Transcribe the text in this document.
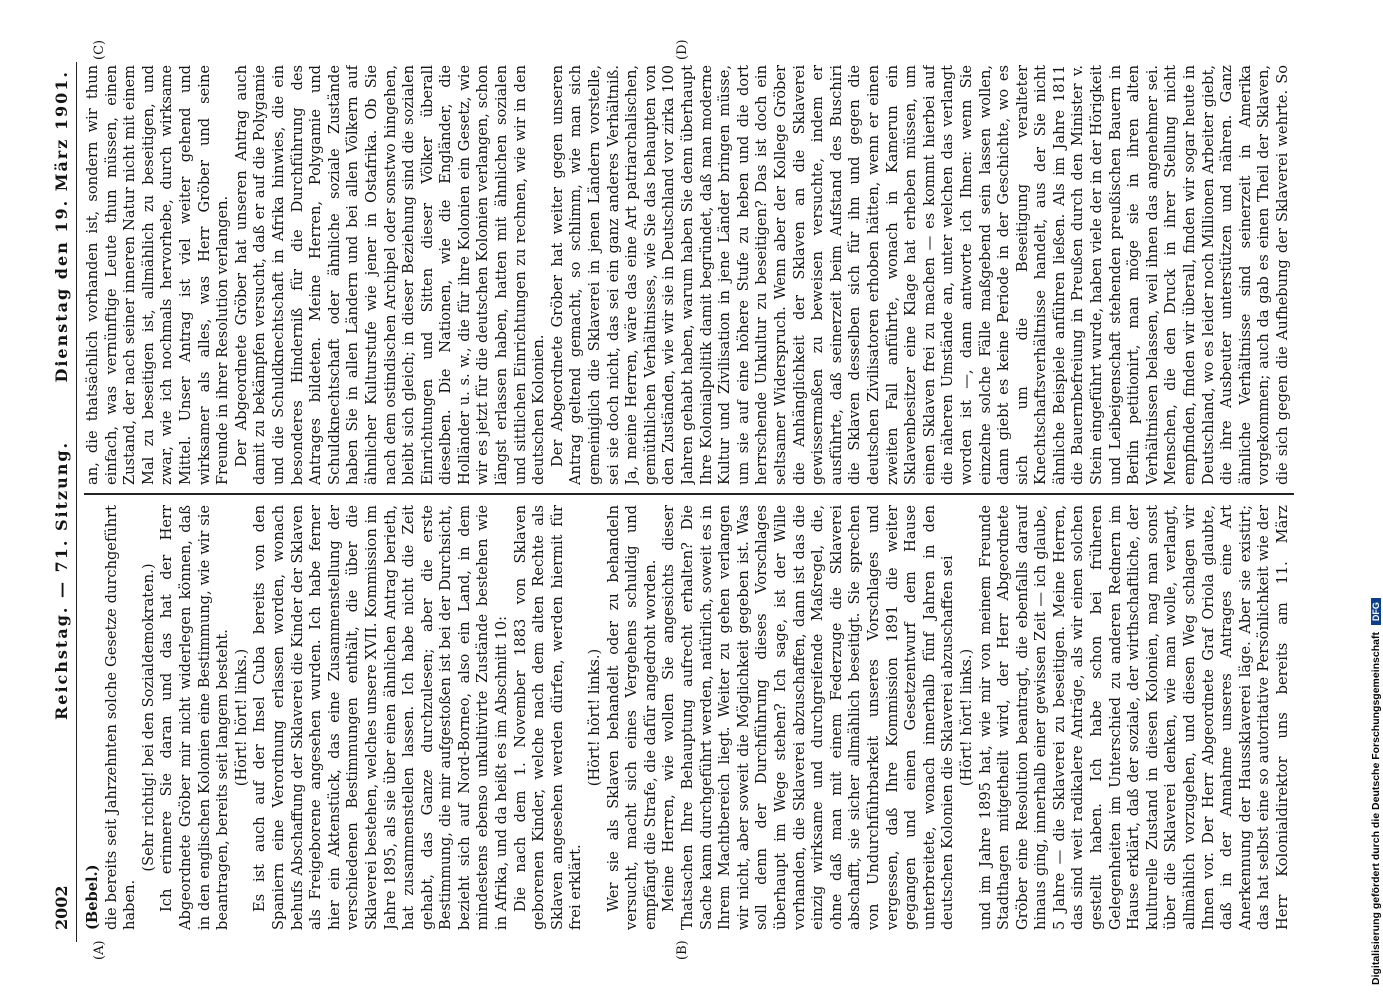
2002
Reichstag. — 71. Sitzung.
Dienstag den 19. März 1901.
(A)	(B)
(C)	(D)

(Bebel.) die bereits seit Jahrzehnten solche Gesetze durchgeführt haben.

(Sehr richtig! bei den Sozialdemokraten.) Ich erinnere Sie daran und das hat der Herr Abgeordnete Gröber mir nicht widerlegen können, daß in den englischen Kolonien eine Bestimmung, wie wir sie beantragen, bereits seit langem besteht. (Hört! hört! links.) Es ist auch auf der Insel Cuba bereits von den Spaniern eine Verordnung erlassen worden, wonach behufs Abschaffung der Sklaverei die Kinder der Sklaven als Freigeborene angesehen wurden. Ich habe ferner hier ein Aktenstück, das eine Zusammenstellung der verschiedenen Bestimmungen enthält, die über die Sklaverei bestehen, welches unsere XVII. Kommission im Jahre 1895, als sie über einen ähnlichen Antrag berieth, hat zusammenstellen lassen. Ich habe nicht die Zeit gehabt, das Ganze durchzulesen; aber die erste Bestimmung, die mir aufgestoßen ist bei der Durchsicht, bezieht sich auf Nord-Borneo, also ein Land, in dem mindestens ebenso unkultivirte Zustände bestehen wie in Afrika, und da heißt es im Abschnitt 10: Die nach dem 1. November 1883 von Sklaven geborenen Kinder, welche nach dem alten Rechte als Sklaven angesehen werden dürfen, werden hiermit für frei erklärt.

(Hört! hört! links.) Wer sie als Sklaven behandelt oder zu behandeln versucht, macht sich eines Vergehens schuldig und empfängt die Strafe, die dafür angedroht worden. Meine Herren, wie wollen Sie angesichts dieser Thatsachen Ihre Behauptung aufrecht erhalten? Die Sache kann durchgeführt werden, natürlich, soweit es in Ihrem Machtbereich liegt. Weiter zu gehen verlangen wir nicht, aber soweit die Möglichkeit gegeben ist. Was soll denn der Durchführung dieses Vorschlages überhaupt im Wege stehen? Ich sage, ist der Wille vorhanden, die Sklaverei abzuschaffen, dann ist das die einzig wirksame und durchgreifende Maßregel, die, ohne daß man mit einem Federzuge die Sklaverei abschafft, sie sicher allmählich beseitigt. Sie sprechen von Undurchführbarkeit unseres Vorschlages und vergessen, daß Ihre Kommission 1891 die weiter gegangen und einen Gesetzentwurf dem Hause unterbreitete, wonach innerhalb fünf Jahren in den deutschen Kolonien die Sklaverei abzuschaffen sei (Hört! hört! links.)

und im Jahre 1895 hat, wie mir von meinem Freunde Stadthagen mitgetheilt wird, der Herr Abgeordnete Gröber eine Resolution beantragt, die ebenfalls darauf hinaus ging, innerhalb einer gewissen Zeit — ich glaube, 5 Jahre — die Sklaverei zu beseitigen. Meine Herren, das sind weit radikalere Anträge, als wir einen solchen gestellt haben. Ich habe schon bei früheren Gelegenheiten im Unterschied zu anderen Rednern im Hause erklärt, daß der soziale, der wirthschaftliche, der kulturelle Zustand in diesen Kolonien, mag man sonst über die Sklaverei denken, wie man wolle, verlangt, allmählich vorzugehen, und diesen Weg schlagen wir Ihnen vor. Der Herr Abgeordnete Graf Oriola glaubte, daß in der Annahme unseres Antrages eine Art Anerkennung der Haussklaverei läge. Aber sie existirt; das hat selbst eine so autoritative Persönlichkeit wie der Herr Kolonialdirektor uns bereits am 11. März

an, die thatsächlich vorhanden ist, sondern wir thun einfach, was vernünftige Leute thun müssen, einen Zustand, der nach seiner inneren Natur nicht mit einem Mal zu beseitigen ist, allmählich zu beseitigen, und zwar, wie ich nochmals hervorhebe, durch wirksame Mittel. Unser Antrag ist viel weiter gehend und wirksamer als alles, was Herr Gröber und seine Freunde in ihrer Resolution verlangen. Der Abgeordnete Gröber hat unseren Antrag auch damit zu bekämpfen versucht, daß er auf die Polygamie und die Schuldknechtschaft in Afrika hinwies, die ein besonderes Hinderniß für die Durchführung des Antrages bildeten. Meine Herren, Polygamie und Schuldknechtschaft oder ähnliche soziale Zustände haben Sie in allen Ländern und bei allen Völkern auf ähnlicher Kulturstufe wie jener in Ostafrika. Ob Sie nach dem ostindischen Archipel oder sonstwo hingehen, bleibt sich gleich; in dieser Beziehung sind die sozialen Einrichtungen und Sitten dieser Völker überall dieselben. Die Nationen, wie die Engländer, die Holländer u. s. w., die für ihre Kolonien ein Gesetz, wie wir es jetzt für die deutschen Kolonien verlangen, schon längst erlassen haben, hatten mit ähnlichen sozialen und sittlichen Einrichtungen zu rechnen, wie wir in den deutschen Kolonien. Der Abgeordnete Gröber hat weiter gegen unseren Antrag geltend gemacht, so schlimm, wie man sich gemeiniglich die Sklaverei in jenen Ländern vorstelle, sei sie doch nicht, das sei ein ganz anderes Verhältniß. Ja, meine Herren, wäre das eine Art patriarchalischen, gemüthlichen Verhältnisses, wie Sie das behaupten von den Zuständen, wie wir sie in Deutschland vor zirka 100 Jahren gehabt haben, warum haben Sie denn überhaupt Ihre Kolonialpolitik damit begründet, daß man moderne Kultur und Zivilisation in jene Länder bringen müsse, um sie auf eine höhere Stufe zu heben und die dort herrschende Unkultur zu beseitigen? Das ist doch ein seltsamer Widerspruch. Wenn aber der Kollege Gröber die Anhänglichkeit der Sklaven an die Sklaverei gewissermaßen zu beweisen versuchte, indem er ausführte, daß seinerzeit beim Aufstand des Buschiri die Sklaven desselben sich für ihn und gegen die deutschen Zivilisatoren erhoben hätten, wenn er einen zweiten Fall anführte, wonach in Kamerun ein Sklavenbesitzer eine Klage hat erheben müssen, um einen Sklaven frei zu machen — es kommt hierbei auf die näheren Umstände an, unter welchen das verlangt worden ist —, dann antworte ich Ihnen: wenn Sie einzelne solche Fälle maßgebend sein lassen wollen, dann giebt es keine Periode in der Geschichte, wo es sich um die Beseitigung veralteter Knechtschaftsverhältnisse handelt, aus der Sie nicht ähnliche Beispiele anführen ließen. Als im Jahre 1811 die Bauernbefreiung in Preußen durch den Minister v. Stein eingeführt wurde, haben viele der in der Hörigkeit und Leibeigenschaft stehenden preußischen Bauern in Berlin petitionirt, man möge sie in ihren alten Verhältnissen belassen, weil ihnen das angenehmer sei. Menschen, die den Druck in ihrer Stellung nicht empfinden, finden wir überall, finden wir sogar heute in Deutschland, wo es leider noch Millionen Arbeiter giebt, die ihre Ausbeuter unterstützen und nähren. Ganz ähnliche Verhältnisse sind seinerzeit in Amerika vorgekommen; auch da gab es einen Theil der Sklaven, die sich gegen die Aufhebung der Sklaverei wehrte. So

Digitalisierung gefördert durch die Deutsche Forschungsgemeinschaft DFG
